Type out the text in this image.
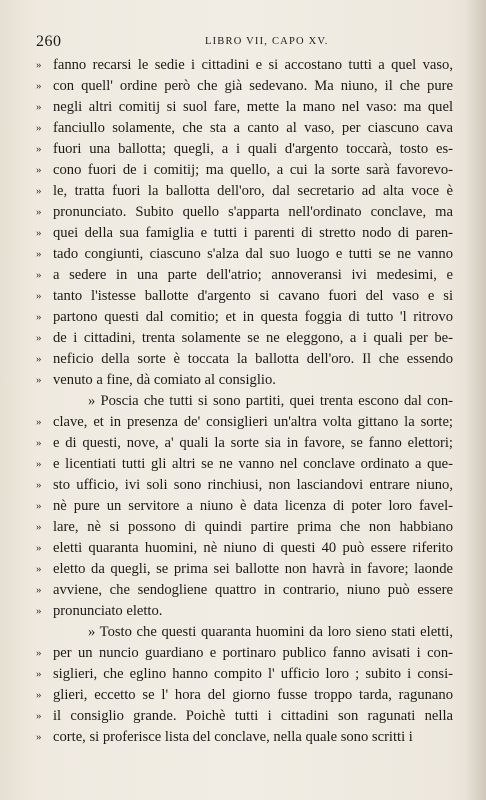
260	LIBRO VII, CAPO XV.
» fanno recarsi le sedie i cittadini e si accostano tutti a quel vaso,
» con quell' ordine però che già sedevano. Ma niuno, il che pure
» negli altri comitij si suol fare, mette la mano nel vaso: ma quel
» fanciullo solamente, che sta a canto al vaso, per ciascuno cava
» fuori una ballotta; quegli, a i quali d'argento toccarà, tosto es-
» cono fuori de i comitij; ma quello, a cui la sorte sarà favorevo-
» le, tratta fuori la ballotta dell'oro, dal secretario ad alta voce è
» pronunciato. Subito quello s'apparta nell'ordinato conclave, ma
» quei della sua famiglia e tutti i parenti di stretto nodo di paren-
» tado congiunti, ciascuno s'alza dal suo luogo e tutti se ne vanno
» a sedere in una parte dell'atrio; annoveransi ivi medesimi, e
» tanto l'istesse ballotte d'argento si cavano fuori del vaso e si
» partono questi dal comitio; et in questa foggia di tutto 'l ritrovo
» de i cittadini, trenta solamente se ne eleggono, a i quali per be-
» neficio della sorte è toccata la ballotta dell'oro. Il che essendo
» venuto a fine, dà comiato al consiglio.
» Poscia che tutti si sono partiti, quei trenta escono dal con-
» clave, et in presenza de' consiglieri un'altra volta gittano la sorte;
» e di questi, nove, a' quali la sorte sia in favore, se fanno elettori;
» e licentiati tutti gli altri se ne vanno nel conclave ordinato a que-
» sto ufficio, ivi soli sono rinchiusi, non lasciandovi entrare niuno,
» nè pure un servitore a niuno è data licenza di poter loro favel-
» lare, nè si possono di quindi partire prima che non habbiano
» eletti quaranta huomini, nè niuno di questi 40 può essere riferito
» eletto da quegli, se prima sei ballotte non havrà in favore; laonde
» avviene, che sendogliene quattro in contrario, niuno può essere
» pronunciato eletto.
» Tosto che questi quaranta huomini da loro sieno stati eletti,
» per un nuncio guardiano e portinaro publico fanno avisati i con-
» siglieri, che eglino hanno compito l' ufficio loro ; subito i consi-
» glieri, eccetto se l' hora del giorno fusse troppo tarda, ragunano
» il consiglio grande. Poichè tutti i cittadini son ragunati nella
» corte, si proferisce lista del conclave, nella quale sono scritti i
